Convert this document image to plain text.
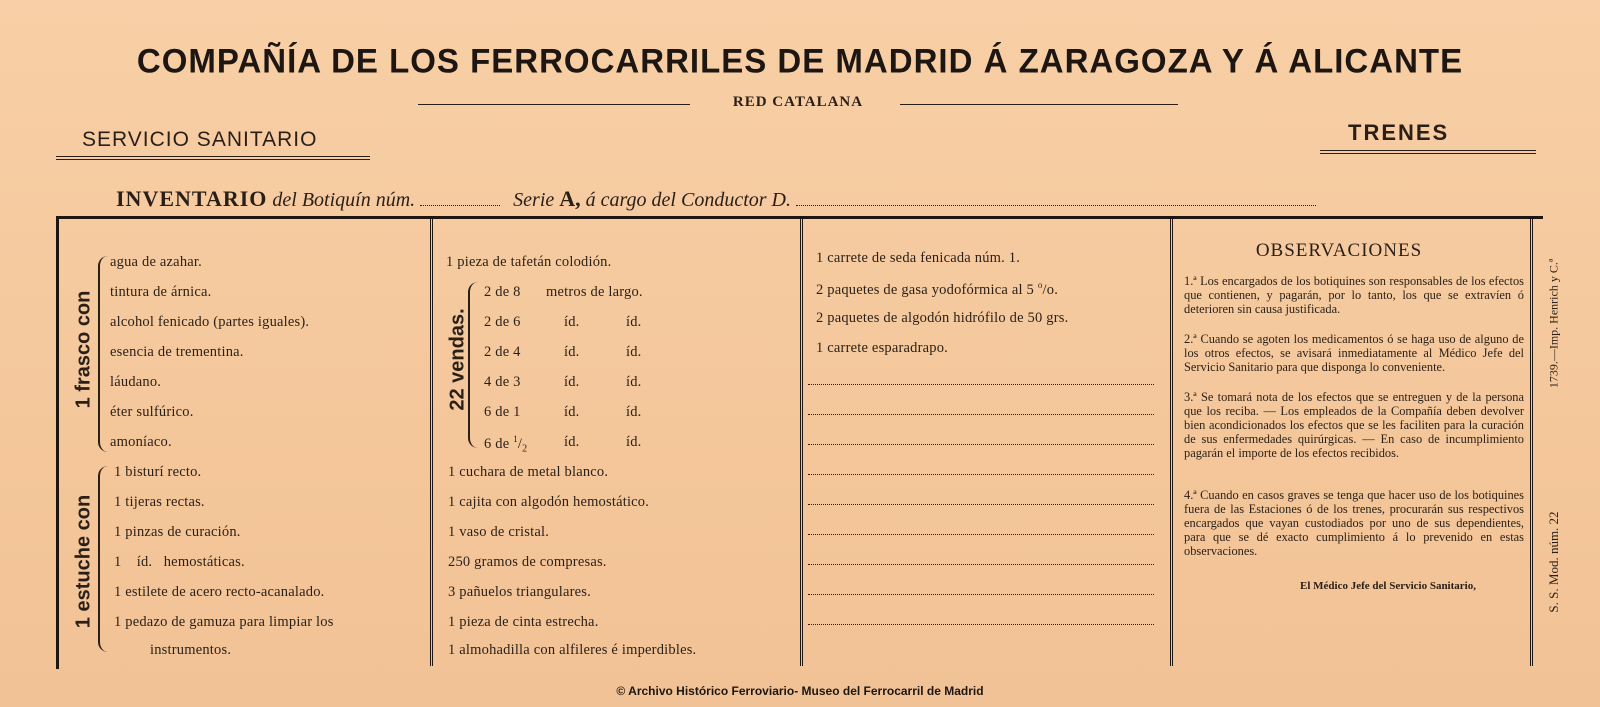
COMPAÑÍA DE LOS FERROCARRILES DE MADRID Á ZARAGOZA Y Á ALICANTE
RED CATALANA
SERVICIO SANITARIO	TRENES
INVENTARIO del Botiquín núm.	Serie A, á cargo del Conductor D.
1 frasco con
agua de azahar.
tintura de árnica.
alcohol fenicado (partes iguales).
esencia de trementina.
láudano.
éter sulfúrico.
amoníaco.
1 estuche con
1 bisturí recto.
1 tijeras rectas.
1 pinzas de curación.
1    íd.   hemostáticas.
1 estilete de acero recto-acanalado.
1 pedazo de gamuza para limpiar los
instrumentos.
1 pieza de tafetán colodión.
22 vendas.
2 de 8 metros de largo.
2 de 6	íd.	íd.
2 de 4	íd.	íd.
4 de 3	íd.	íd.
6 de 1	íd.	íd.
6 de $^1/_2$	íd.	íd.
1 cuchara de metal blanco.
1 cajita con algodón hemostático.
1 vaso de cristal.
250 gramos de compresas.
3 pañuelos triangulares.
1 pieza de cinta estrecha.
1 almohadilla con alfileres é imperdibles.
1 carrete de seda fenicada núm. 1.
2 paquetes de gasa yodofórmica al 5 $^o$/o.
2 paquetes de algodón hidrófilo de 50 grs.
1 carrete esparadrapo.
OBSERVACIONES
1.ª Los encargados de los botiquines son responsables de los efectos que contienen, y pagarán, por lo tanto, los que se extravíen ó deterioren sin causa justificada.
2.ª Cuando se agoten los medicamentos ó se haga uso de alguno de los otros efectos, se avisará inmediatamente al Médico Jefe del Servicio Sanitario para que disponga lo conveniente.
3.ª Se tomará nota de los efectos que se entreguen y de la persona que los reciba. — Los empleados de la Compañía deben devolver bien acondicionados los efectos que se les faciliten para la curación de sus enfermedades quirúrgicas. — En caso de incumplimiento pagarán el importe de los efectos recibidos.
4.ª Cuando en casos graves se tenga que hacer uso de los botiquines fuera de las Estaciones ó de los trenes, procurarán sus respectivos encargados que vayan custodiados por uno de sus dependientes, para que se dé exacto cumplimiento á lo prevenido en estas observaciones.
El Médico Jefe del Servicio Sanitario,
1739.—Imp. Henrich y C.ª
S. S. Mod. núm. 22
© Archivo Histórico Ferroviario- Museo del Ferrocarril de Madrid
